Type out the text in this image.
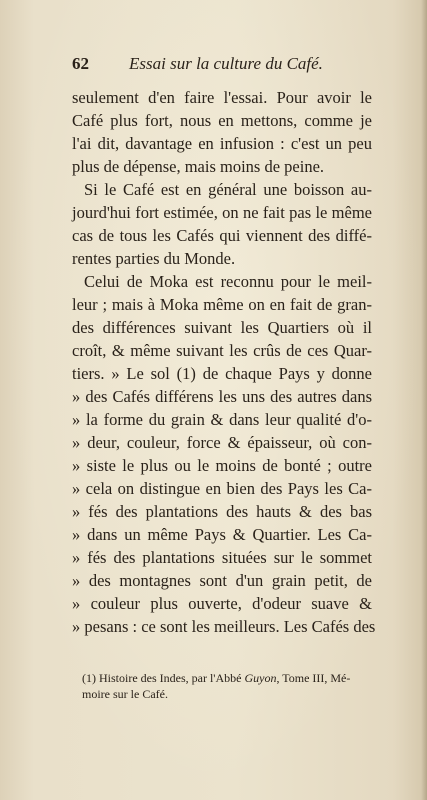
62 Essai sur la culture du Café.
seulement d'en faire l'essai. Pour avoir le
Café plus fort, nous en mettons, comme je
l'ai dit, davantage en infusion : c'est un peu
plus de dépense, mais moins de peine.
Si le Café est en général une boisson au-
jourd'hui fort estimée, on ne fait pas le même
cas de tous les Cafés qui viennent des diffé-
rentes parties du Monde.
Celui de Moka est reconnu pour le meil-
leur ; mais à Moka même on en fait de gran-
des différences suivant les Quartiers où il
croît, & même suivant les crûs de ces Quar-
tiers. » Le sol (1) de chaque Pays y donne
» des Cafés différens les uns des autres dans
» la forme du grain & dans leur qualité d'o-
» deur, couleur, force & épaisseur, où con-
» siste le plus ou le moins de bonté ; outre
» cela on distingue en bien des Pays les Ca-
» fés des plantations des hauts & des bas
» dans un même Pays & Quartier. Les Ca-
» fés des plantations situées sur le sommet
» des montagnes sont d'un grain petit, de
» couleur plus ouverte, d'odeur suave &
» pesans : ce sont les meilleurs. Les Cafés des
(1) Histoire des Indes, par l'Abbé Guyon, Tome III, Mé-
moire sur le Café.
